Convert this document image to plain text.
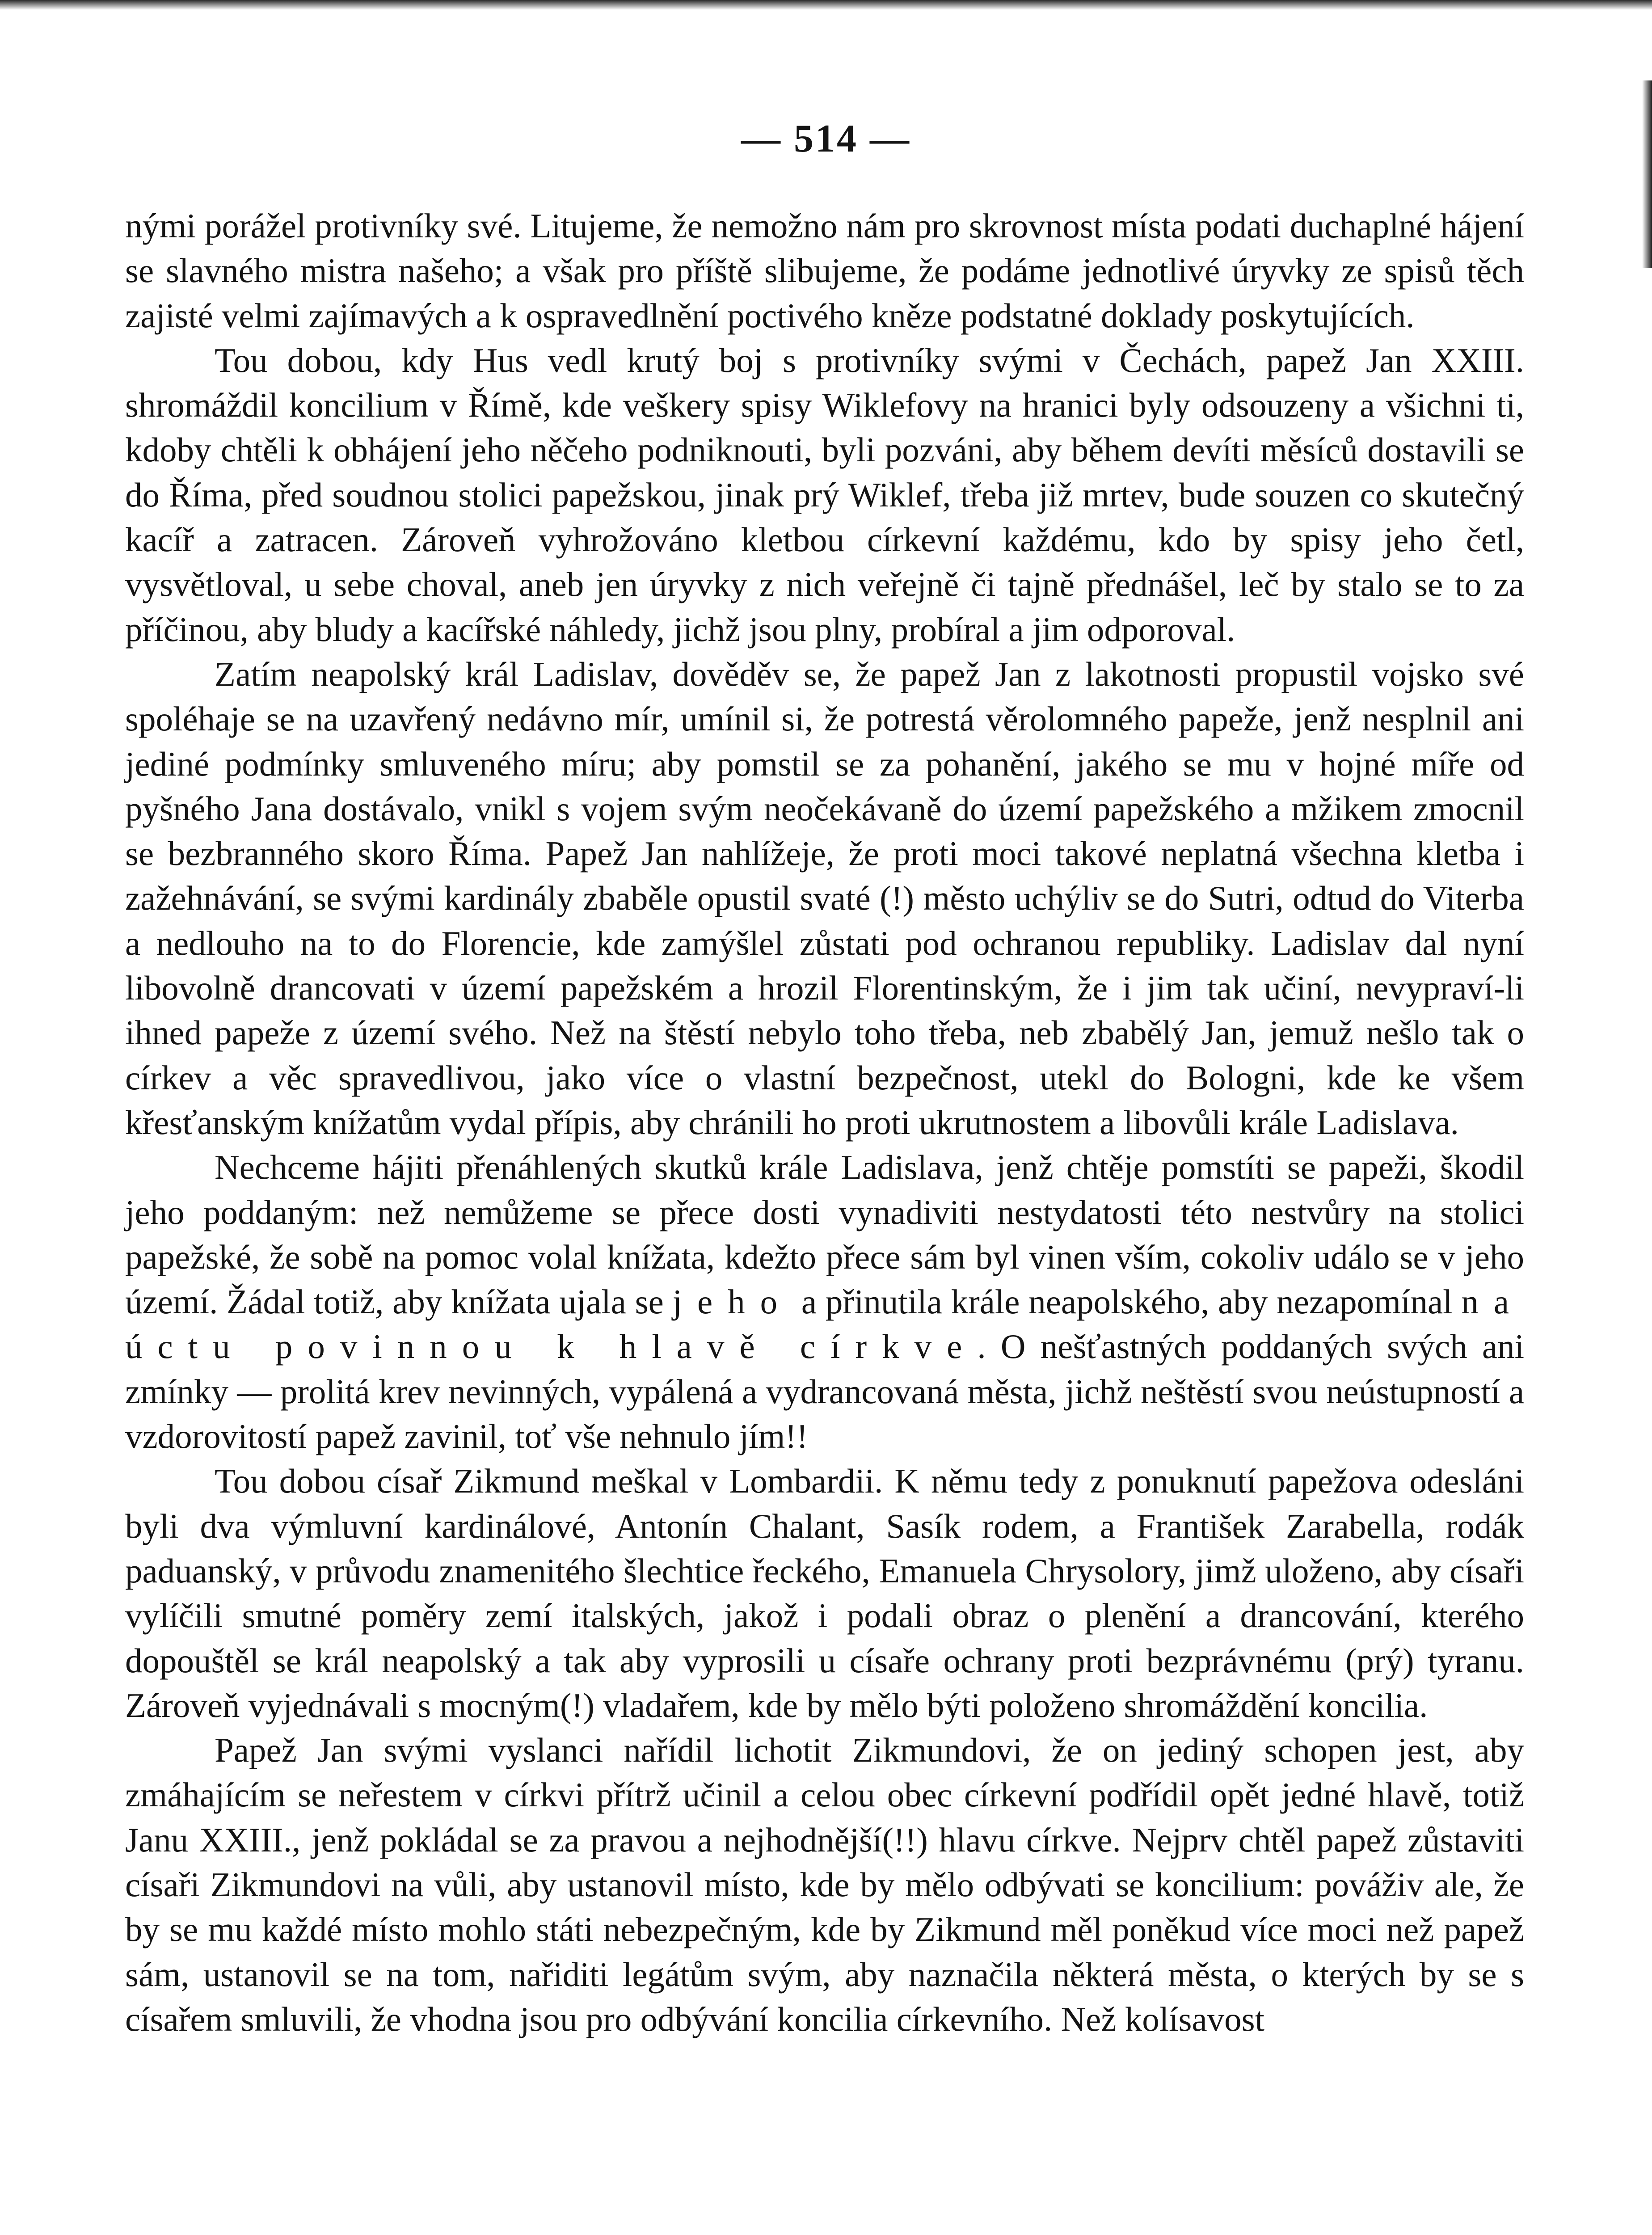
— 514 —

nými porážel protivníky své. Litujeme, že nemožno nám pro skrovnost místa podati duchaplné hájení se slavného mistra našeho; a však pro příště slibujeme, že podáme jednotlivé úryvky ze spisů těch zajisté velmi zajímavých a k ospravedlnění poctivého kněze podstatné doklady poskytujících.

Tou dobou, kdy Hus vedl krutý boj s protivníky svými v Čechách, papež Jan XXIII. shromáždil koncilium v Římě, kde veškery spisy Wiklefovy na hranici byly odsouzeny a všichni ti, kdoby chtěli k obhájení jeho něčeho podniknouti, byli pozváni, aby během devíti měsíců dostavili se do Říma, před soudnou stolici papežskou, jinak prý Wiklef, třeba již mrtev, bude souzen co skutečný kacíř a zatracen. Zároveň vyhrožováno kletbou církevní každému, kdo by spisy jeho četl, vysvětloval, u sebe choval, aneb jen úryvky z nich veřejně či tajně přednášel, leč by stalo se to za příčinou, aby bludy a kacířské náhledy, jichž jsou plny, probíral a jim odporoval.

Zatím neapolský král Ladislav, dověděv se, že papež Jan z lakotnosti propustil vojsko své spoléhaje se na uzavřený nedávno mír, umínil si, že potrestá věrolomného papeže, jenž nesplnil ani jediné podmínky smluveného míru; aby pomstil se za pohanění, jakého se mu v hojné míře od pyšného Jana dostávalo, vnikl s vojem svým neočekávaně do území papežského a mžikem zmocnil se bezbranného skoro Říma. Papež Jan nahlížeje, že proti moci takové neplatná všechna kletba i zažehnávání, se svými kardinály zbaběle opustil svaté (!) město uchýliv se do Sutri, odtud do Viterba a nedlouho na to do Florencie, kde zamýšlel zůstati pod ochranou republiky. Ladislav dal nyní libovolně drancovati v území papežském a hrozil Florentinským, že i jim tak učiní, nevypraví-li ihned papeže z území svého. Než na štěstí nebylo toho třeba, neb zbabělý Jan, jemuž nešlo tak o církev a věc spravedlivou, jako více o vlastní bezpečnost, utekl do Bologni, kde ke všem křesťanským knížatům vydal přípis, aby chránili ho proti ukrutnostem a libovůli krále Ladislava.

Nechceme hájiti přenáhlených skutků krále Ladislava, jenž chtěje pomstíti se papeži, škodil jeho poddaným: než nemůžeme se přece dosti vynadiviti nestydatosti této nestvůry na stolici papežské, že sobě na pomoc volal knížata, kdežto přece sám byl vinen vším, cokoliv událo se v jeho území. Žádal totiž, aby knížata ujala se jeho a přinutila krále neapolského, aby nezapomínal na úctu povinnou k hlavě církve. O nešťastných poddaných svých ani zmínky — prolitá krev nevinných, vypálená a vydrancovaná města, jichž neštěstí svou neústupností a vzdorovitostí papež zavinil, toť vše nehnulo jím!!

Tou dobou císař Zikmund meškal v Lombardii. K němu tedy z ponuknutí papežova odesláni byli dva výmluvní kardinálové, Antonín Chalant, Sasík rodem, a František Zarabella, rodák paduanský, v průvodu znamenitého šlechtice řeckého, Emanuela Chrysolory, jimž uloženo, aby císaři vylíčili smutné poměry zemí italských, jakož i podali obraz o plenění a drancování, kterého dopouštěl se král neapolský a tak aby vyprosili u císaře ochrany proti bezprávnému (prý) tyranu. Zároveň vyjednávali s mocným(!) vladařem, kde by mělo býti položeno shromáždění koncilia.

Papež Jan svými vyslanci nařídil lichotit Zikmundovi, že on jediný schopen jest, aby zmáhajícím se neřestem v církvi přítrž učinil a celou obec církevní podřídil opět jedné hlavě, totiž Janu XXIII., jenž pokládal se za pravou a nejhodnější(!!) hlavu církve. Nejprv chtěl papež zůstaviti císaři Zikmundovi na vůli, aby ustanovil místo, kde by mělo odbývati se koncilium: pováživ ale, že by se mu každé místo mohlo státi nebezpečným, kde by Zikmund měl poněkud více moci než papež sám, ustanovil se na tom, nařiditi legátům svým, aby naznačila některá města, o kterých by se s císařem smluvili, že vhodna jsou pro odbývání koncilia církevního. Než kolísavost
